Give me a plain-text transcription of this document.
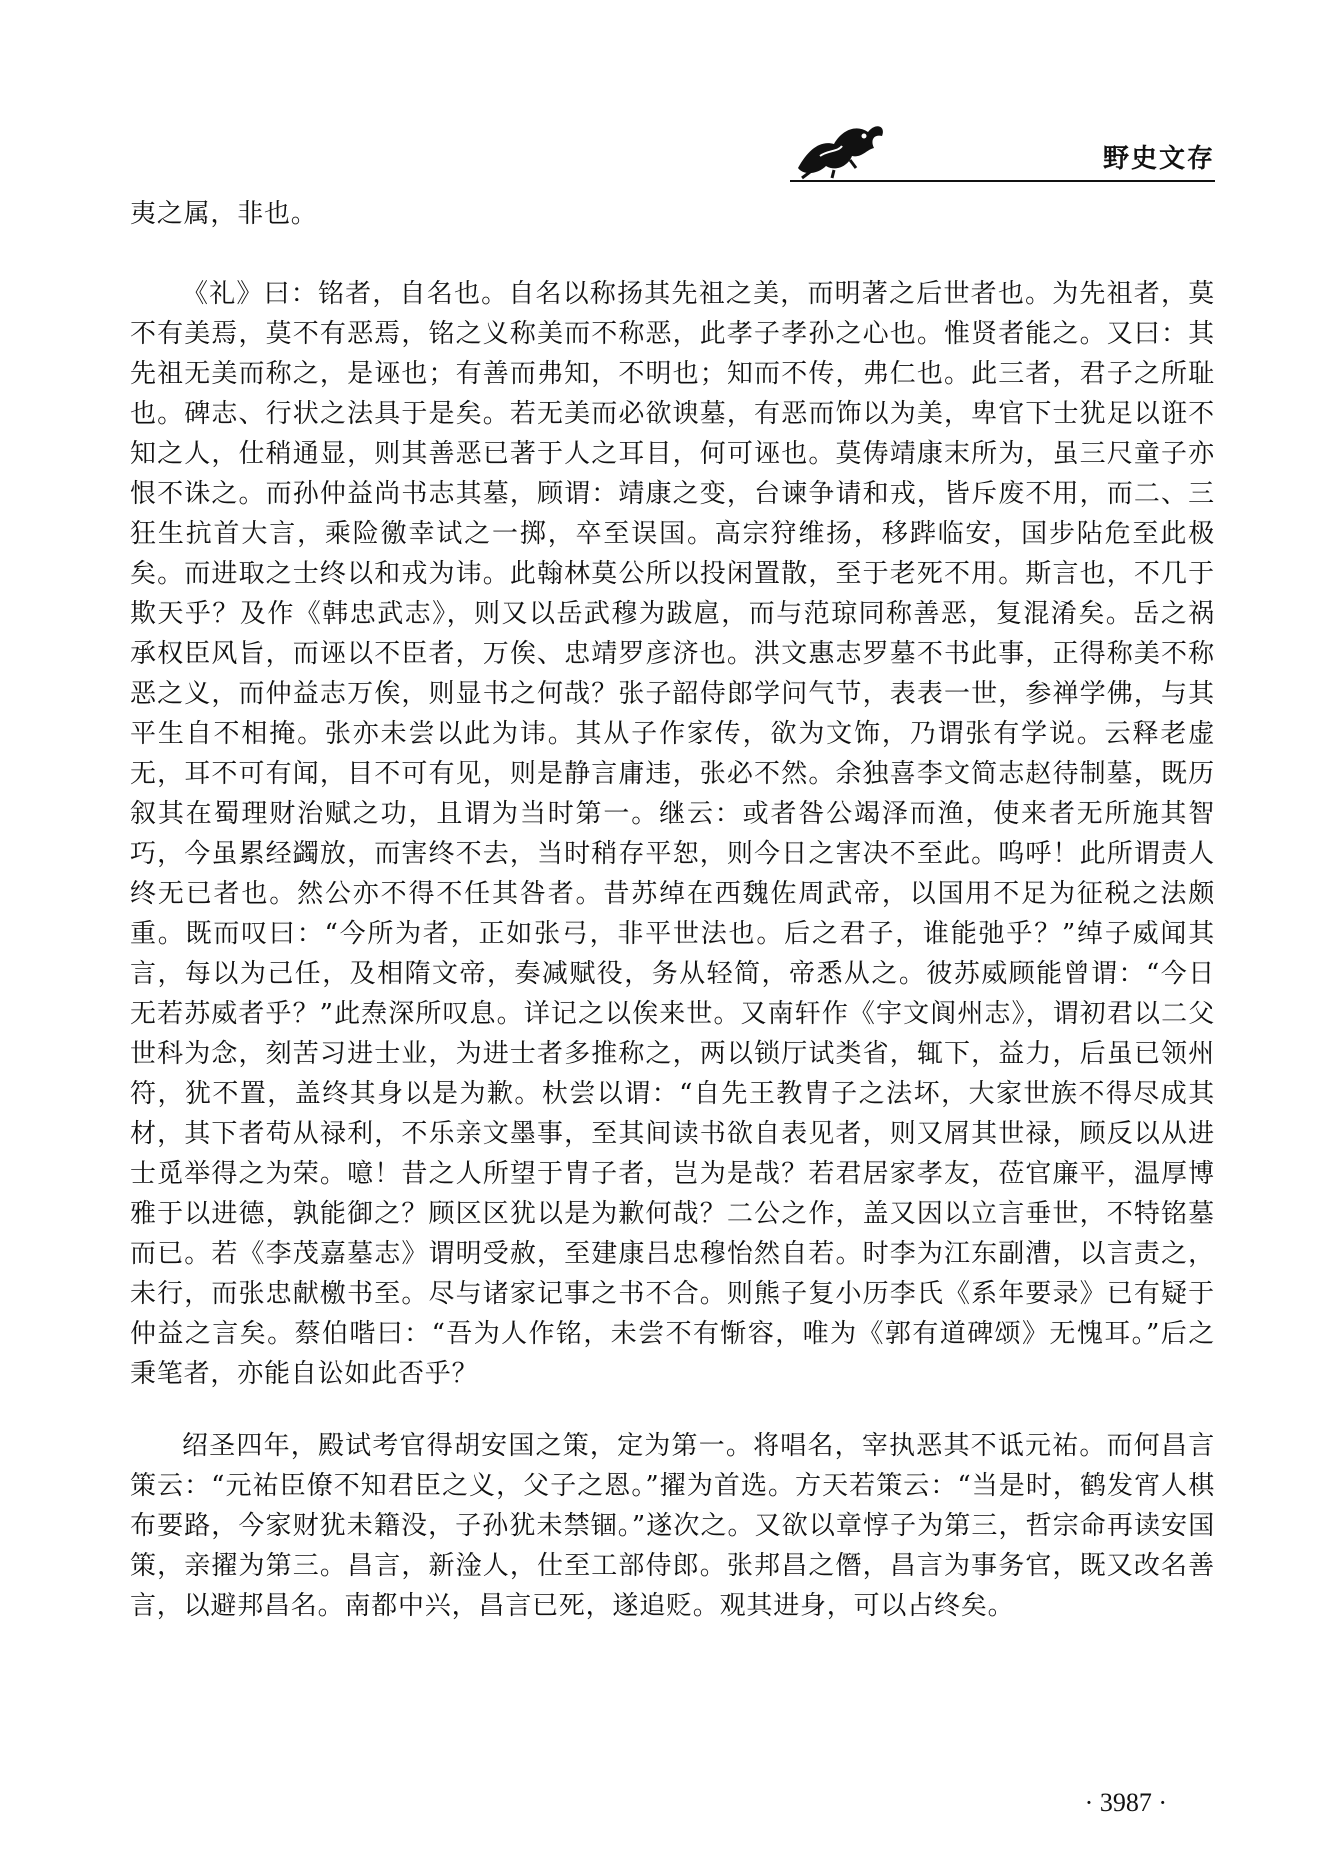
野史文存

夷之属，非也。

《礼》曰：铭者，自名也。自名以称扬其先祖之美，而明著之后世者也。为先祖者，莫不有美焉，莫不有恶焉，铭之义称美而不称恶，此孝子孝孙之心也。惟贤者能之。又曰：其先祖无美而称之，是诬也；有善而弗知，不明也；知而不传，弗仁也。此三者，君子之所耻也。碑志、行状之法具于是矣。若无美而必欲谀墓，有恶而饰以为美，卑官下士犹足以诳不知之人，仕稍通显，则其善恶已著于人之耳目，何可诬也。莫俦靖康末所为，虽三尺童子亦恨不诛之。而孙仲益尚书志其墓，顾谓：靖康之变，台谏争请和戎，皆斥废不用，而二、三狂生抗首大言，乘险徼幸试之一掷，卒至误国。高宗狩维扬，移跸临安，国步阽危至此极矣。而进取之士终以和戎为讳。此翰林莫公所以投闲置散，至于老死不用。斯言也，不几于欺天乎？及作《韩忠武志》，则又以岳武穆为跋扈，而与范琼同称善恶，复混淆矣。岳之祸承权臣风旨，而诬以不臣者，万俟、忠靖罗彦济也。洪文惠志罗墓不书此事，正得称美不称恶之义，而仲益志万俟，则显书之何哉？张子韶侍郎学问气节，表表一世，参禅学佛，与其平生自不相掩。张亦未尝以此为讳。其从子作家传，欲为文饰，乃谓张有学说。云释老虚无，耳不可有闻，目不可有见，则是静言庸违，张必不然。余独喜李文简志赵待制墓，既历叙其在蜀理财治赋之功，且谓为当时第一。继云：或者咎公竭泽而渔，使来者无所施其智巧，今虽累经蠲放，而害终不去，当时稍存平恕，则今日之害决不至此。呜呼！此所谓责人终无已者也。然公亦不得不任其咎者。昔苏绰在西魏佐周武帝，以国用不足为征税之法颇重。既而叹曰：“今所为者，正如张弓，非平世法也。后之君子，谁能弛乎？”绰子威闻其言，每以为己任，及相隋文帝，奏减赋役，务从轻简，帝悉从之。彼苏威顾能曾谓：“今日无若苏威者乎？”此焘深所叹息。详记之以俟来世。又南轩作《宇文阆州志》，谓初君以二父世科为念，刻苦习进士业，为进士者多推称之，两以锁厅试类省，辄下，益力，后虽已领州符，犹不置，盖终其身以是为歉。杕尝以谓：“自先王教胄子之法坏，大家世族不得尽成其材，其下者苟从禄利，不乐亲文墨事，至其间读书欲自表见者，则又屑其世禄，顾反以从进士觅举得之为荣。噫！昔之人所望于胄子者，岂为是哉？若君居家孝友，莅官廉平，温厚博雅于以进德，孰能御之？顾区区犹以是为歉何哉？二公之作，盖又因以立言垂世，不特铭墓而已。若《李茂嘉墓志》谓明受赦，至建康吕忠穆怡然自若。时李为江东副漕，以言责之，未行，而张忠献檄书至。尽与诸家记事之书不合。则熊子复小历李氏《系年要录》已有疑于仲益之言矣。蔡伯喈曰：“吾为人作铭，未尝不有惭容，唯为《郭有道碑颂》无愧耳。”后之秉笔者，亦能自讼如此否乎？

绍圣四年，殿试考官得胡安国之策，定为第一。将唱名，宰执恶其不诋元祐。而何昌言策云：“元祐臣僚不知君臣之义，父子之恩。”擢为首选。方天若策云：“当是时，鹤发宵人棋布要路，今家财犹未籍没，子孙犹未禁锢。”遂次之。又欲以章惇子为第三，哲宗命再读安国策，亲擢为第三。昌言，新淦人，仕至工部侍郎。张邦昌之僭，昌言为事务官，既又改名善言，以避邦昌名。南都中兴，昌言已死，遂追贬。观其进身，可以占终矣。

· 3987 ·
